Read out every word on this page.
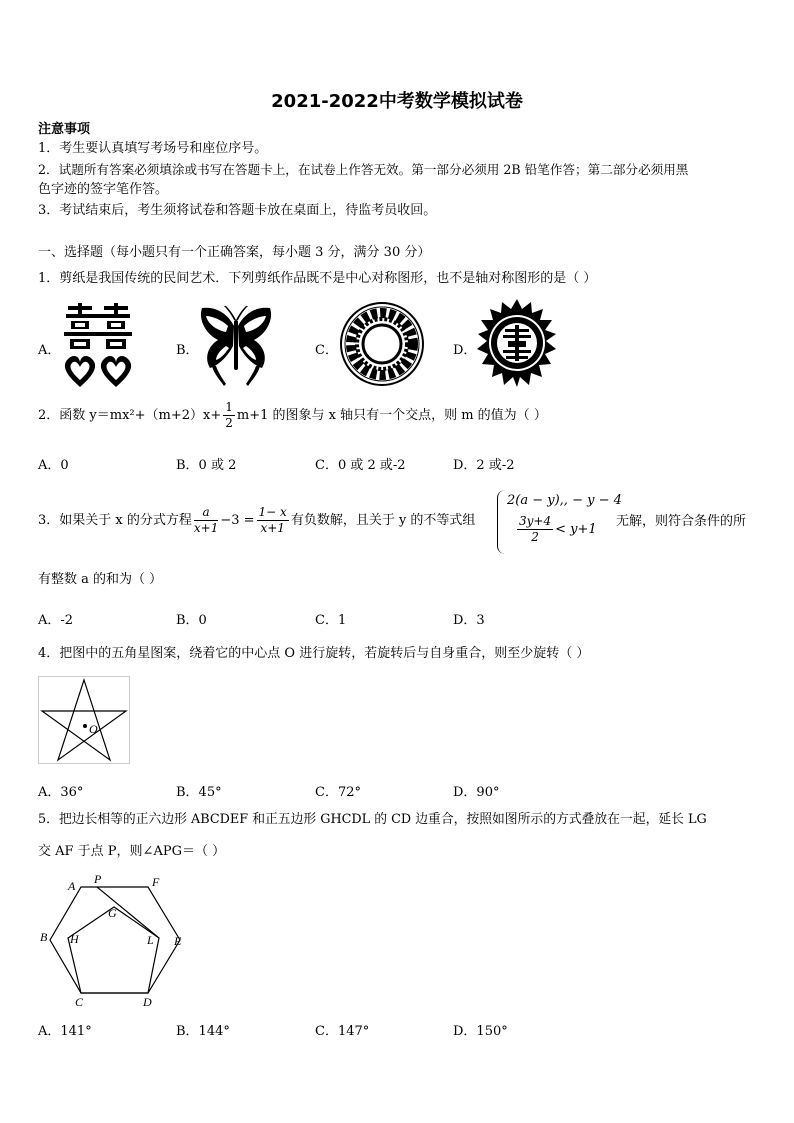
2021-2022中考数学模拟试卷
注意事项
1．考生要认真填写考场号和座位序号。
2．试题所有答案必须填涂或书写在答题卡上，在试卷上作答无效。第一部分必须用 2B 铅笔作答；第二部分必须用黑
色字迹的签字笔作答。
3．考试结束后，考生须将试卷和答题卡放在桌面上，待监考员收回。
一、选择题（每小题只有一个正确答案，每小题 3 分，满分 30 分）
1．剪纸是我国传统的民间艺术．下列剪纸作品既不是中心对称图形，也不是轴对称图形的是（ ）
A．	B．	C．	D．
2．函数 $y=mx^2+(m+2)x+ \frac{1}{2} m+1$ 的图象与 x 轴只有一个交点，则 m 的值为（ ）
A．0	B．0 或 2	C．0 或 2 或-2	D．2 或-2
3．如果关于 x 的分式方程 $\frac{a}{x+1} -3 = \frac{1- x}{x+1}$ 有负数解，且关于 y 的不等式组
2(a − y),, − y − 4
$\frac{3y+4}{2} < y+1$
无解，则符合条件的所
有整数 a 的和为（ ）
A．-2	B．0	C．1	D．3
4．把图中的五角星图案，绕着它的中心点 O 进行旋转，若旋转后与自身重合，则至少旋转（ ）
O
A．36°	B．45°	C．72°	D．90°
5．把边长相等的正六边形 ABCDEF 和正五边形 GHCDL 的 CD 边重合，按照如图所示的方式叠放在一起，延长 LG
交 AF 于点 P，则∠APG＝（ ）
A P	F
G
B H	L E
C	D
A．141°	B．144°	C．147°	D．150°
